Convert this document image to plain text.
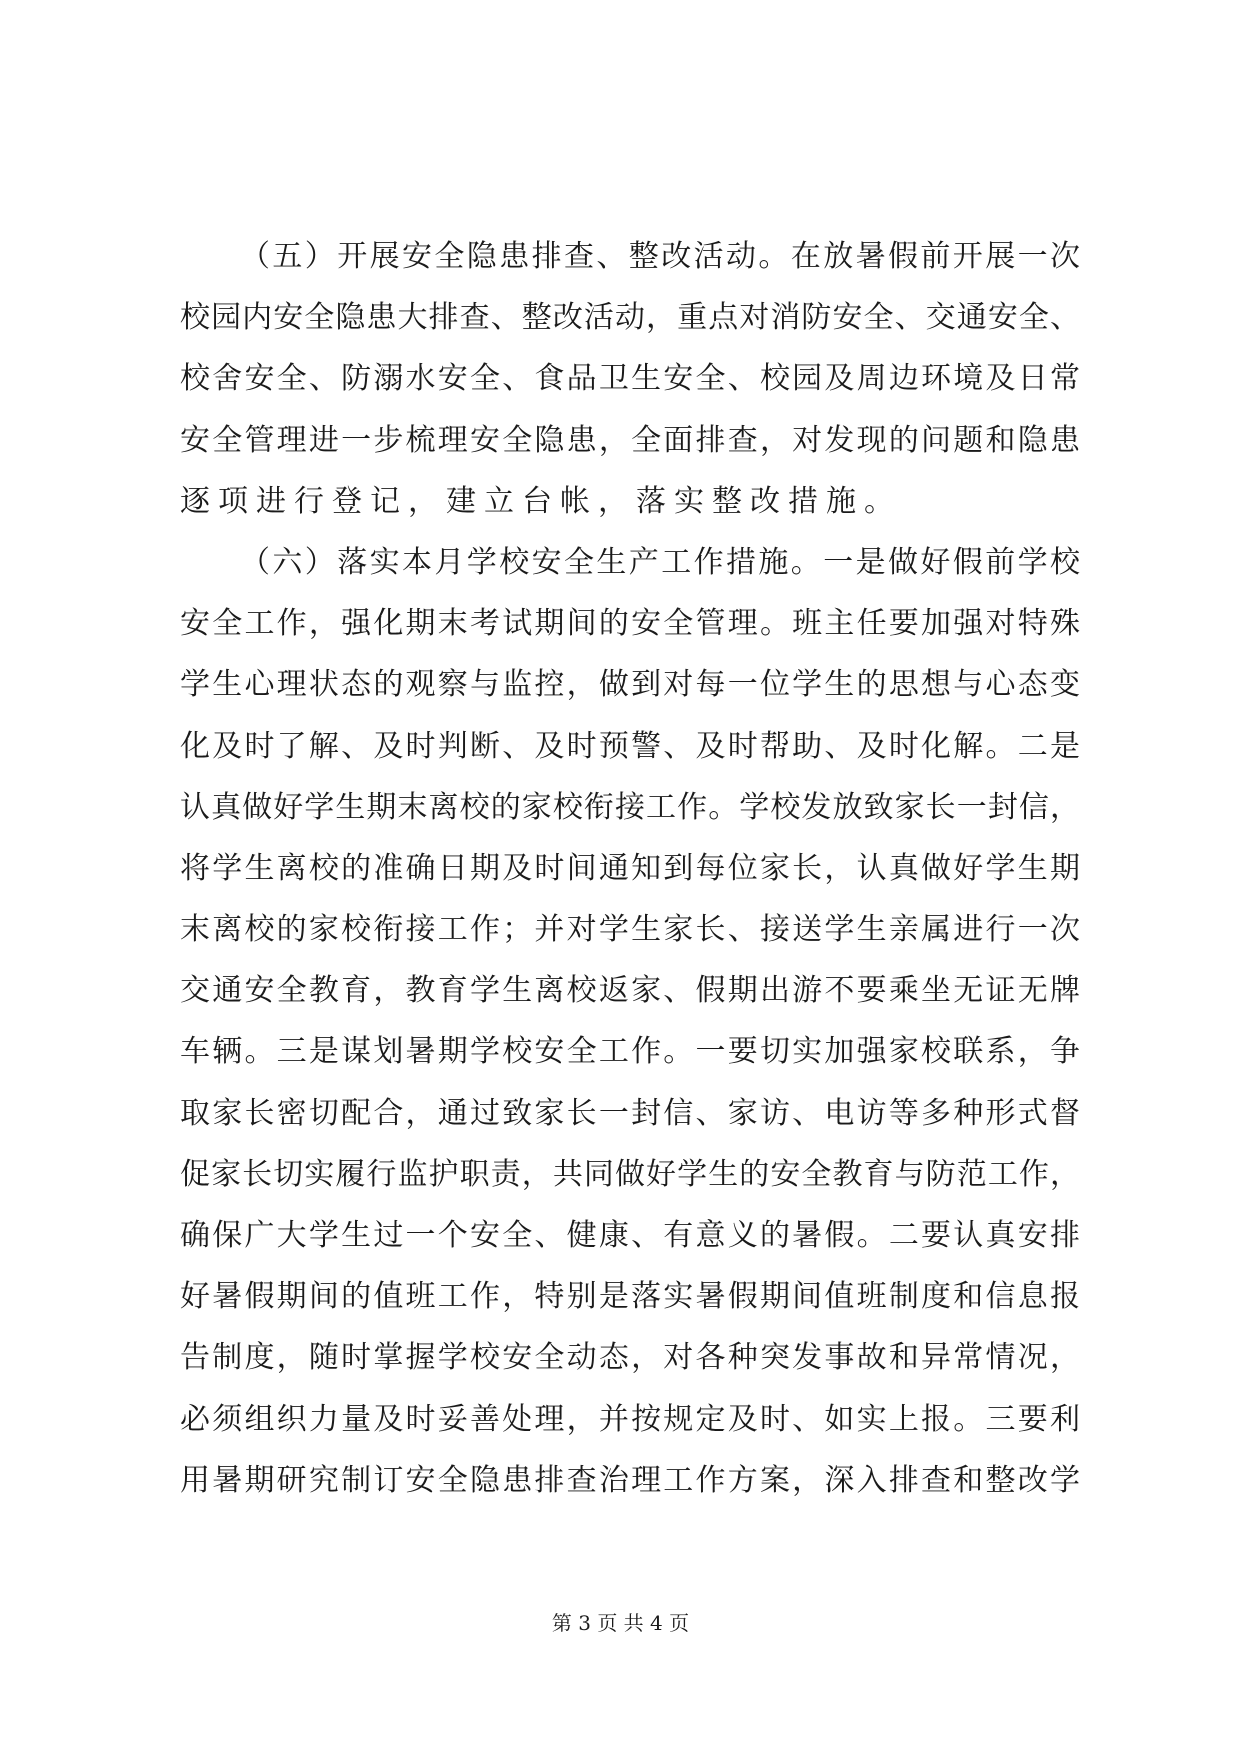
（五）开展安全隐患排查、整改活动。在放暑假前开展一次
校园内安全隐患大排查、整改活动，重点对消防安全、交通安全、
校舍安全、防溺水安全、食品卫生安全、校园及周边环境及日常
安全管理进一步梳理安全隐患，全面排查，对发现的问题和隐患
逐项进行登记，建立台帐，落实整改措施。
（六）落实本月学校安全生产工作措施。一是做好假前学校
安全工作，强化期末考试期间的安全管理。班主任要加强对特殊
学生心理状态的观察与监控，做到对每一位学生的思想与心态变
化及时了解、及时判断、及时预警、及时帮助、及时化解。二是
认真做好学生期末离校的家校衔接工作。学校发放致家长一封信，
将学生离校的准确日期及时间通知到每位家长，认真做好学生期
末离校的家校衔接工作；并对学生家长、接送学生亲属进行一次
交通安全教育，教育学生离校返家、假期出游不要乘坐无证无牌
车辆。三是谋划暑期学校安全工作。一要切实加强家校联系，争
取家长密切配合，通过致家长一封信、家访、电访等多种形式督
促家长切实履行监护职责，共同做好学生的安全教育与防范工作，
确保广大学生过一个安全、健康、有意义的暑假。二要认真安排
好暑假期间的值班工作，特别是落实暑假期间值班制度和信息报
告制度，随时掌握学校安全动态，对各种突发事故和异常情况，
必须组织力量及时妥善处理，并按规定及时、如实上报。三要利
用暑期研究制订安全隐患排查治理工作方案，深入排查和整改学
第 3 页 共 4 页
